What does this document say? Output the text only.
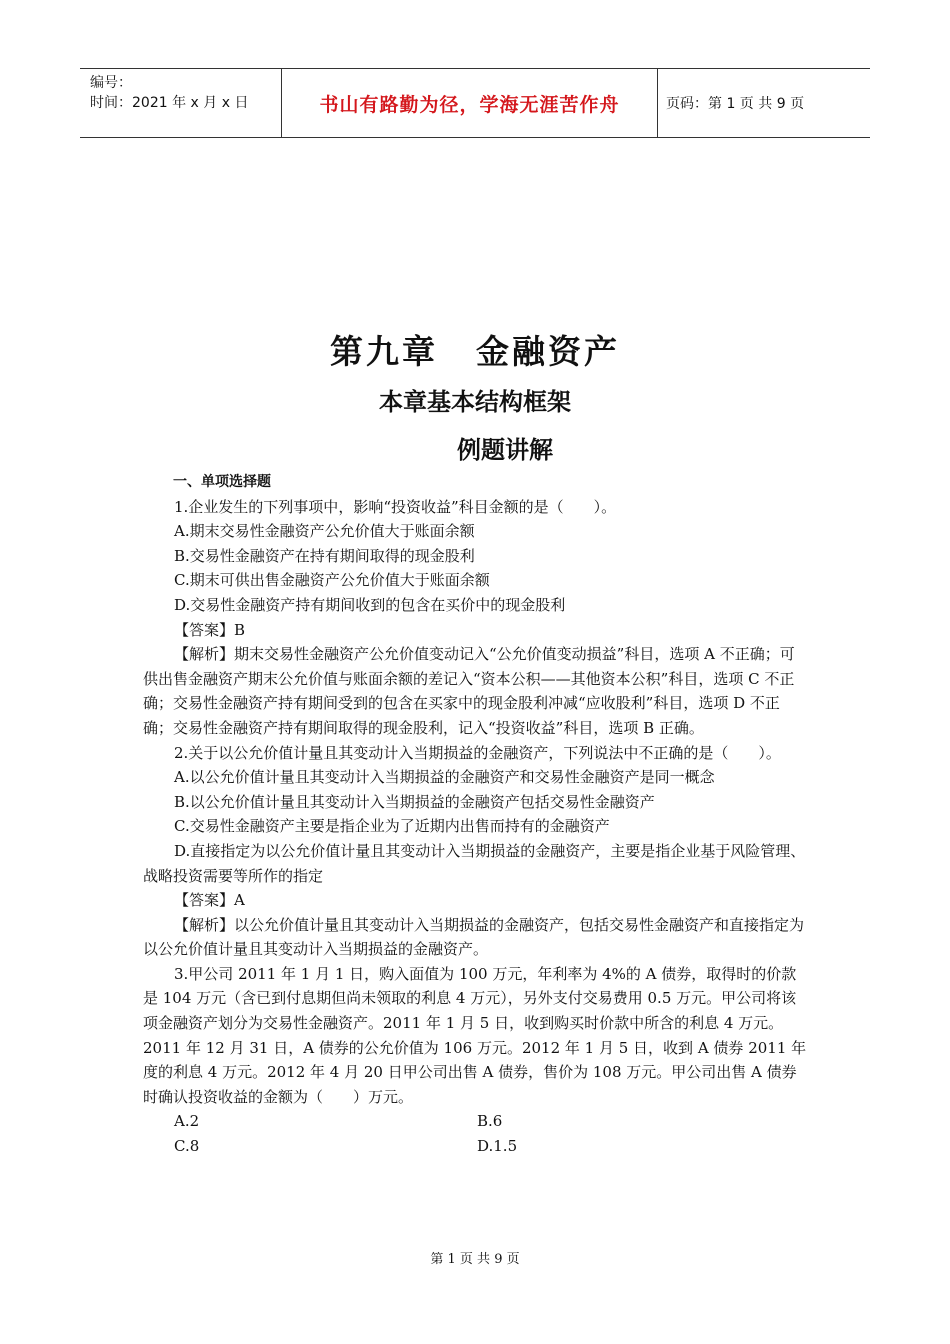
编号：
时间：2021 年 x 月 x 日	书山有路勤为径，学海无涯苦作舟	页码：第 1 页 共 9 页
第九章 金融资产
本章基本结构框架
例题讲解

一、单项选择题

1.企业发生的下列事项中，影响“投资收益”科目金额的是（　　）。

A.期末交易性金融资产公允价值大于账面余额

B.交易性金融资产在持有期间取得的现金股利

C.期末可供出售金融资产公允价值大于账面余额

D.交易性金融资产持有期间收到的包含在买价中的现金股利

【答案】B

【解析】期末交易性金融资产公允价值变动记入“公允价值变动损益”科目，选项 A 不正确；可供出售金融资产期末公允价值与账面余额的差记入“资本公积——其他资本公积”科目，选项 C 不正确；交易性金融资产持有期间受到的包含在买家中的现金股利冲减“应收股利”科目，选项 D 不正确；交易性金融资产持有期间取得的现金股利，记入“投资收益”科目，选项 B 正确。

2.关于以公允价值计量且其变动计入当期损益的金融资产，下列说法中不正确的是（　　）。

A.以公允价值计量且其变动计入当期损益的金融资产和交易性金融资产是同一概念

B.以公允价值计量且其变动计入当期损益的金融资产包括交易性金融资产

C.交易性金融资产主要是指企业为了近期内出售而持有的金融资产

D.直接指定为以公允价值计量且其变动计入当期损益的金融资产，主要是指企业基于风险管理、战略投资需要等所作的指定

【答案】A

【解析】以公允价值计量且其变动计入当期损益的金融资产，包括交易性金融资产和直接指定为以公允价值计量且其变动计入当期损益的金融资产。

3.甲公司 2011 年 1 月 1 日，购入面值为 100 万元，年利率为 4%的 A 债券，取得时的价款是 104 万元（含已到付息期但尚未领取的利息 4 万元），另外支付交易费用 0.5 万元。甲公司将该项金融资产划分为交易性金融资产。2011 年 1 月 5 日，收到购买时价款中所含的利息 4 万元。2011 年 12 月 31 日，A 债券的公允价值为 106 万元。2012 年 1 月 5 日，收到 A 债券 2011 年度的利息 4 万元。2012 年 4 月 20 日甲公司出售 A 债券，售价为 108 万元。甲公司出售 A 债券时确认投资收益的金额为（　　）万元。

A.2	B.6
C.8	D.1.5
第 1 页 共 9 页
